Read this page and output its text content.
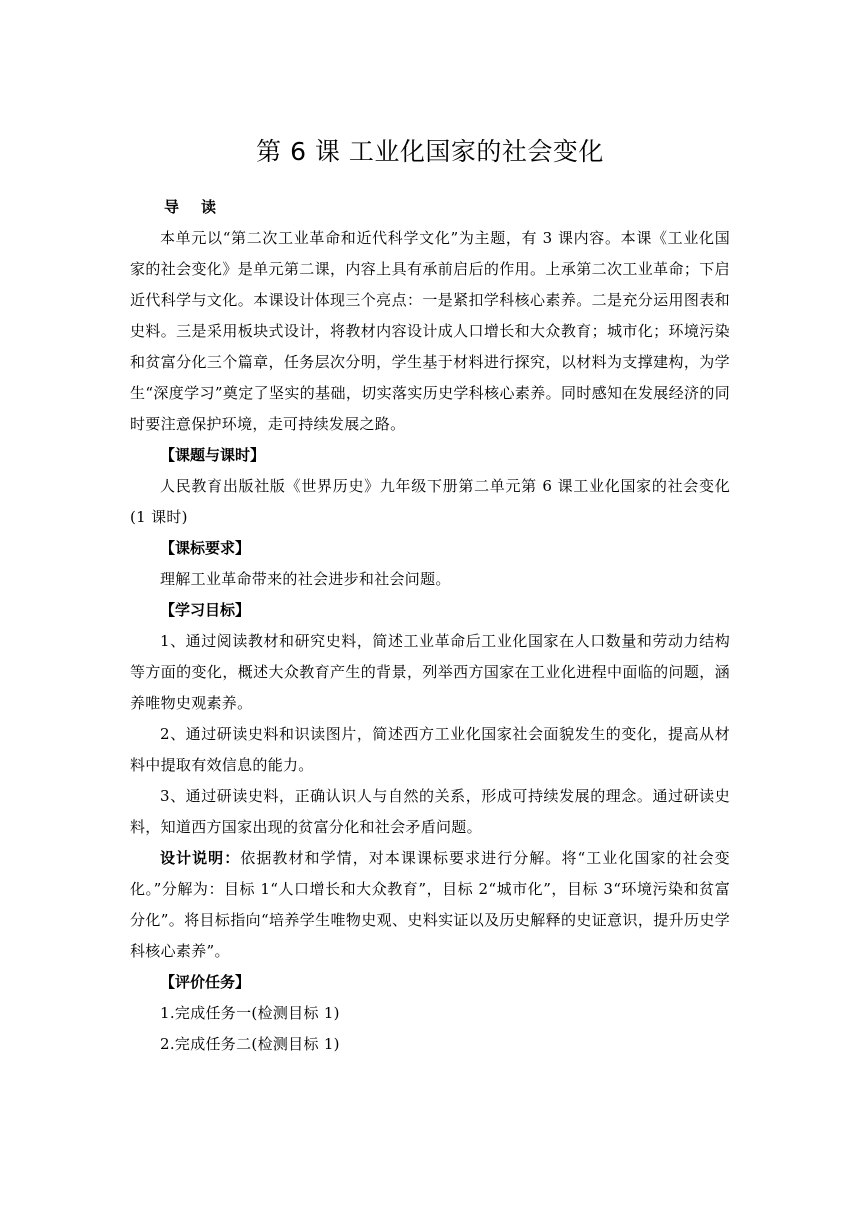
第 6 课 工业化国家的社会变化
导读

本单元以“第二次工业革命和近代科学文化”为主题，有 3 课内容。本课《工业化国家的社会变化》是单元第二课，内容上具有承前启后的作用。上承第二次工业革命；下启近代科学与文化。本课设计体现三个亮点：一是紧扣学科核心素养。二是充分运用图表和史料。三是采用板块式设计，将教材内容设计成人口增长和大众教育；城市化；环境污染和贫富分化三个篇章，任务层次分明，学生基于材料进行探究，以材料为支撑建构，为学生“深度学习”奠定了坚实的基础，切实落实历史学科核心素养。同时感知在发展经济的同时要注意保护环境，走可持续发展之路。

【课题与课时】

人民教育出版社版《世界历史》九年级下册第二单元第 6 课工业化国家的社会变化 (1 课时)

【课标要求】

理解工业革命带来的社会进步和社会问题。

【学习目标】

1、通过阅读教材和研究史料，简述工业革命后工业化国家在人口数量和劳动力结构等方面的变化，概述大众教育产生的背景，列举西方国家在工业化进程中面临的问题，涵养唯物史观素养。

2、通过研读史料和识读图片，简述西方工业化国家社会面貌发生的变化，提高从材料中提取有效信息的能力。

3、通过研读史料，正确认识人与自然的关系，形成可持续发展的理念。通过研读史料，知道西方国家出现的贫富分化和社会矛盾问题。

设计说明：依据教材和学情，对本课课标要求进行分解。将“工业化国家的社会变化。”分解为：目标 1“人口增长和大众教育”，目标 2“城市化”，目标 3“环境污染和贫富分化”。将目标指向“培养学生唯物史观、史料实证以及历史解释的史证意识，提升历史学科核心素养”。

【评价任务】

1.完成任务一(检测目标 1)

2.完成任务二(检测目标 1)
